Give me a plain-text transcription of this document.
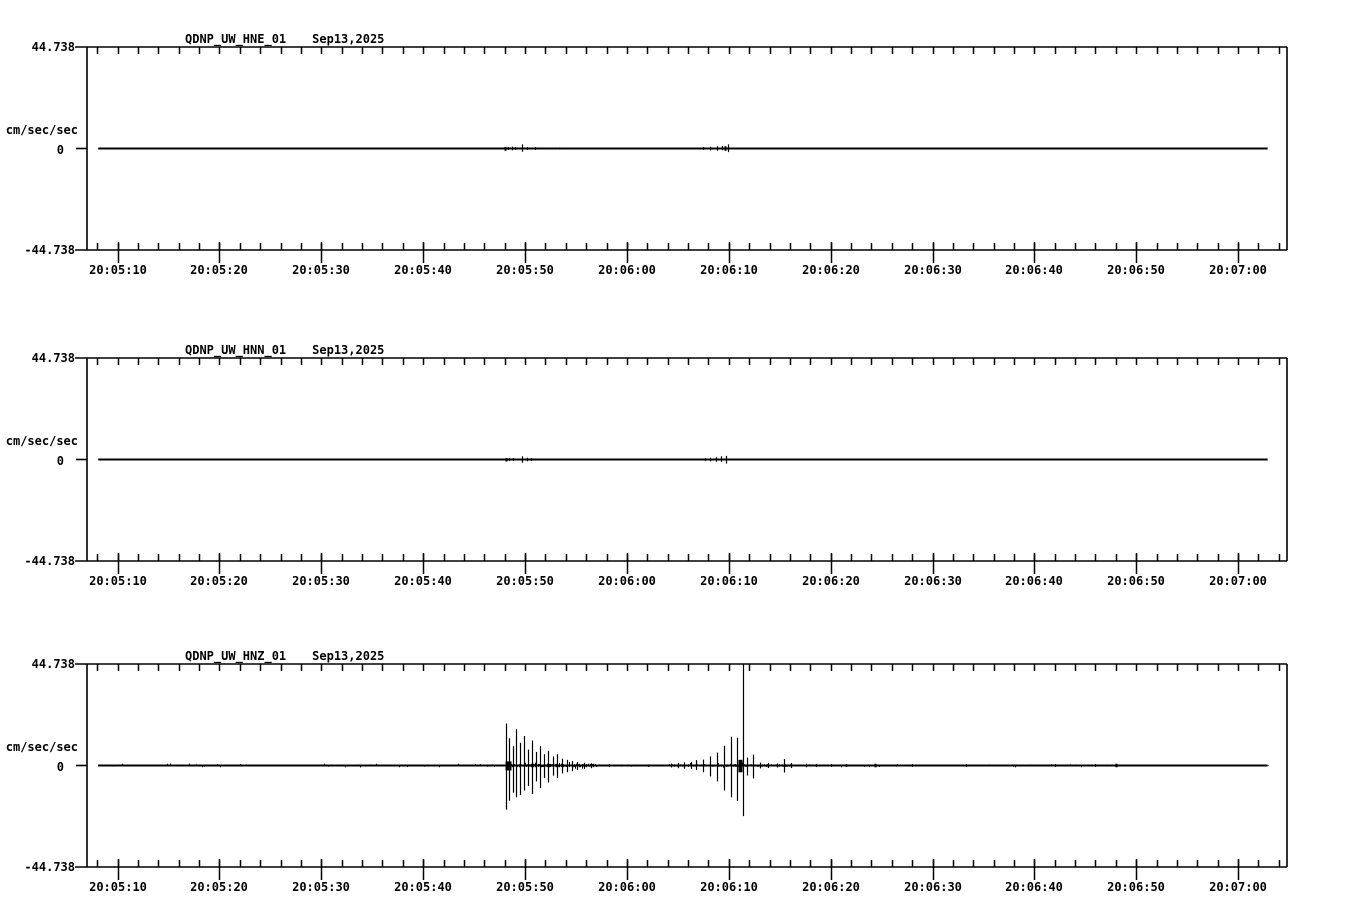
QDNP_UW_HNE_01 Sep13,2025
44.738
cm/sec/sec
0
-44.738
20:05:10	20:05:20	20:05:30	20:05:40	20:05:50	20:06:00	20:06:10	20:06:20	20:06:30	20:06:40	20:06:50	20:07:00
QDNP_UW_HNN_01 Sep13,2025
44.738
cm/sec/sec
0
-44.738
20:05:10	20:05:20	20:05:30	20:05:40	20:05:50	20:06:00	20:06:10	20:06:20	20:06:30	20:06:40	20:06:50	20:07:00
QDNP_UW_HNZ_01 Sep13,2025
44.738
cm/sec/sec
0
-44.738
20:05:10	20:05:20	20:05:30	20:05:40	20:05:50	20:06:00	20:06:10	20:06:20	20:06:30	20:06:40	20:06:50	20:07:00
